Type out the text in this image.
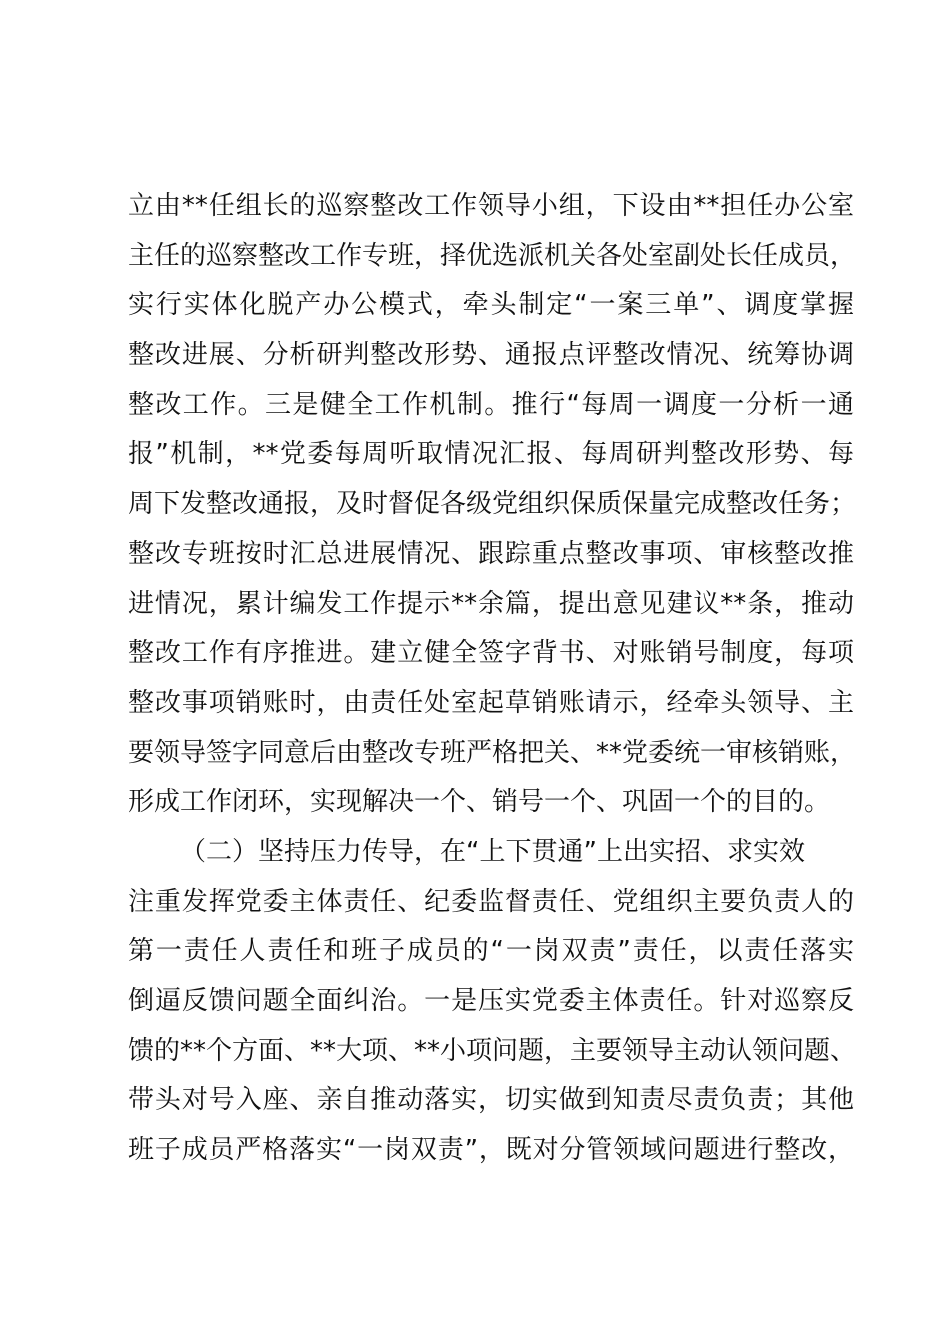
立由**任组长的巡察整改工作领导小组，下设由**担任办公室
主任的巡察整改工作专班，择优选派机关各处室副处长任成员，
实行实体化脱产办公模式，牵头制定“一案三单”、调度掌握
整改进展、分析研判整改形势、通报点评整改情况、统筹协调
整改工作。三是健全工作机制。推行“每周一调度一分析一通
报”机制，**党委每周听取情况汇报、每周研判整改形势、每
周下发整改通报，及时督促各级党组织保质保量完成整改任务；
整改专班按时汇总进展情况、跟踪重点整改事项、审核整改推
进情况，累计编发工作提示**余篇，提出意见建议**条，推动
整改工作有序推进。建立健全签字背书、对账销号制度，每项
整改事项销账时，由责任处室起草销账请示，经牵头领导、主
要领导签字同意后由整改专班严格把关、**党委统一审核销账，
形成工作闭环，实现解决一个、销号一个、巩固一个的目的。
（二）坚持压力传导，在“上下贯通”上出实招、求实效
注重发挥党委主体责任、纪委监督责任、党组织主要负责人的
第一责任人责任和班子成员的“一岗双责”责任，以责任落实
倒逼反馈问题全面纠治。一是压实党委主体责任。针对巡察反
馈的**个方面、**大项、**小项问题，主要领导主动认领问题、
带头对号入座、亲自推动落实，切实做到知责尽责负责；其他
班子成员严格落实“一岗双责”，既对分管领域问题进行整改，
